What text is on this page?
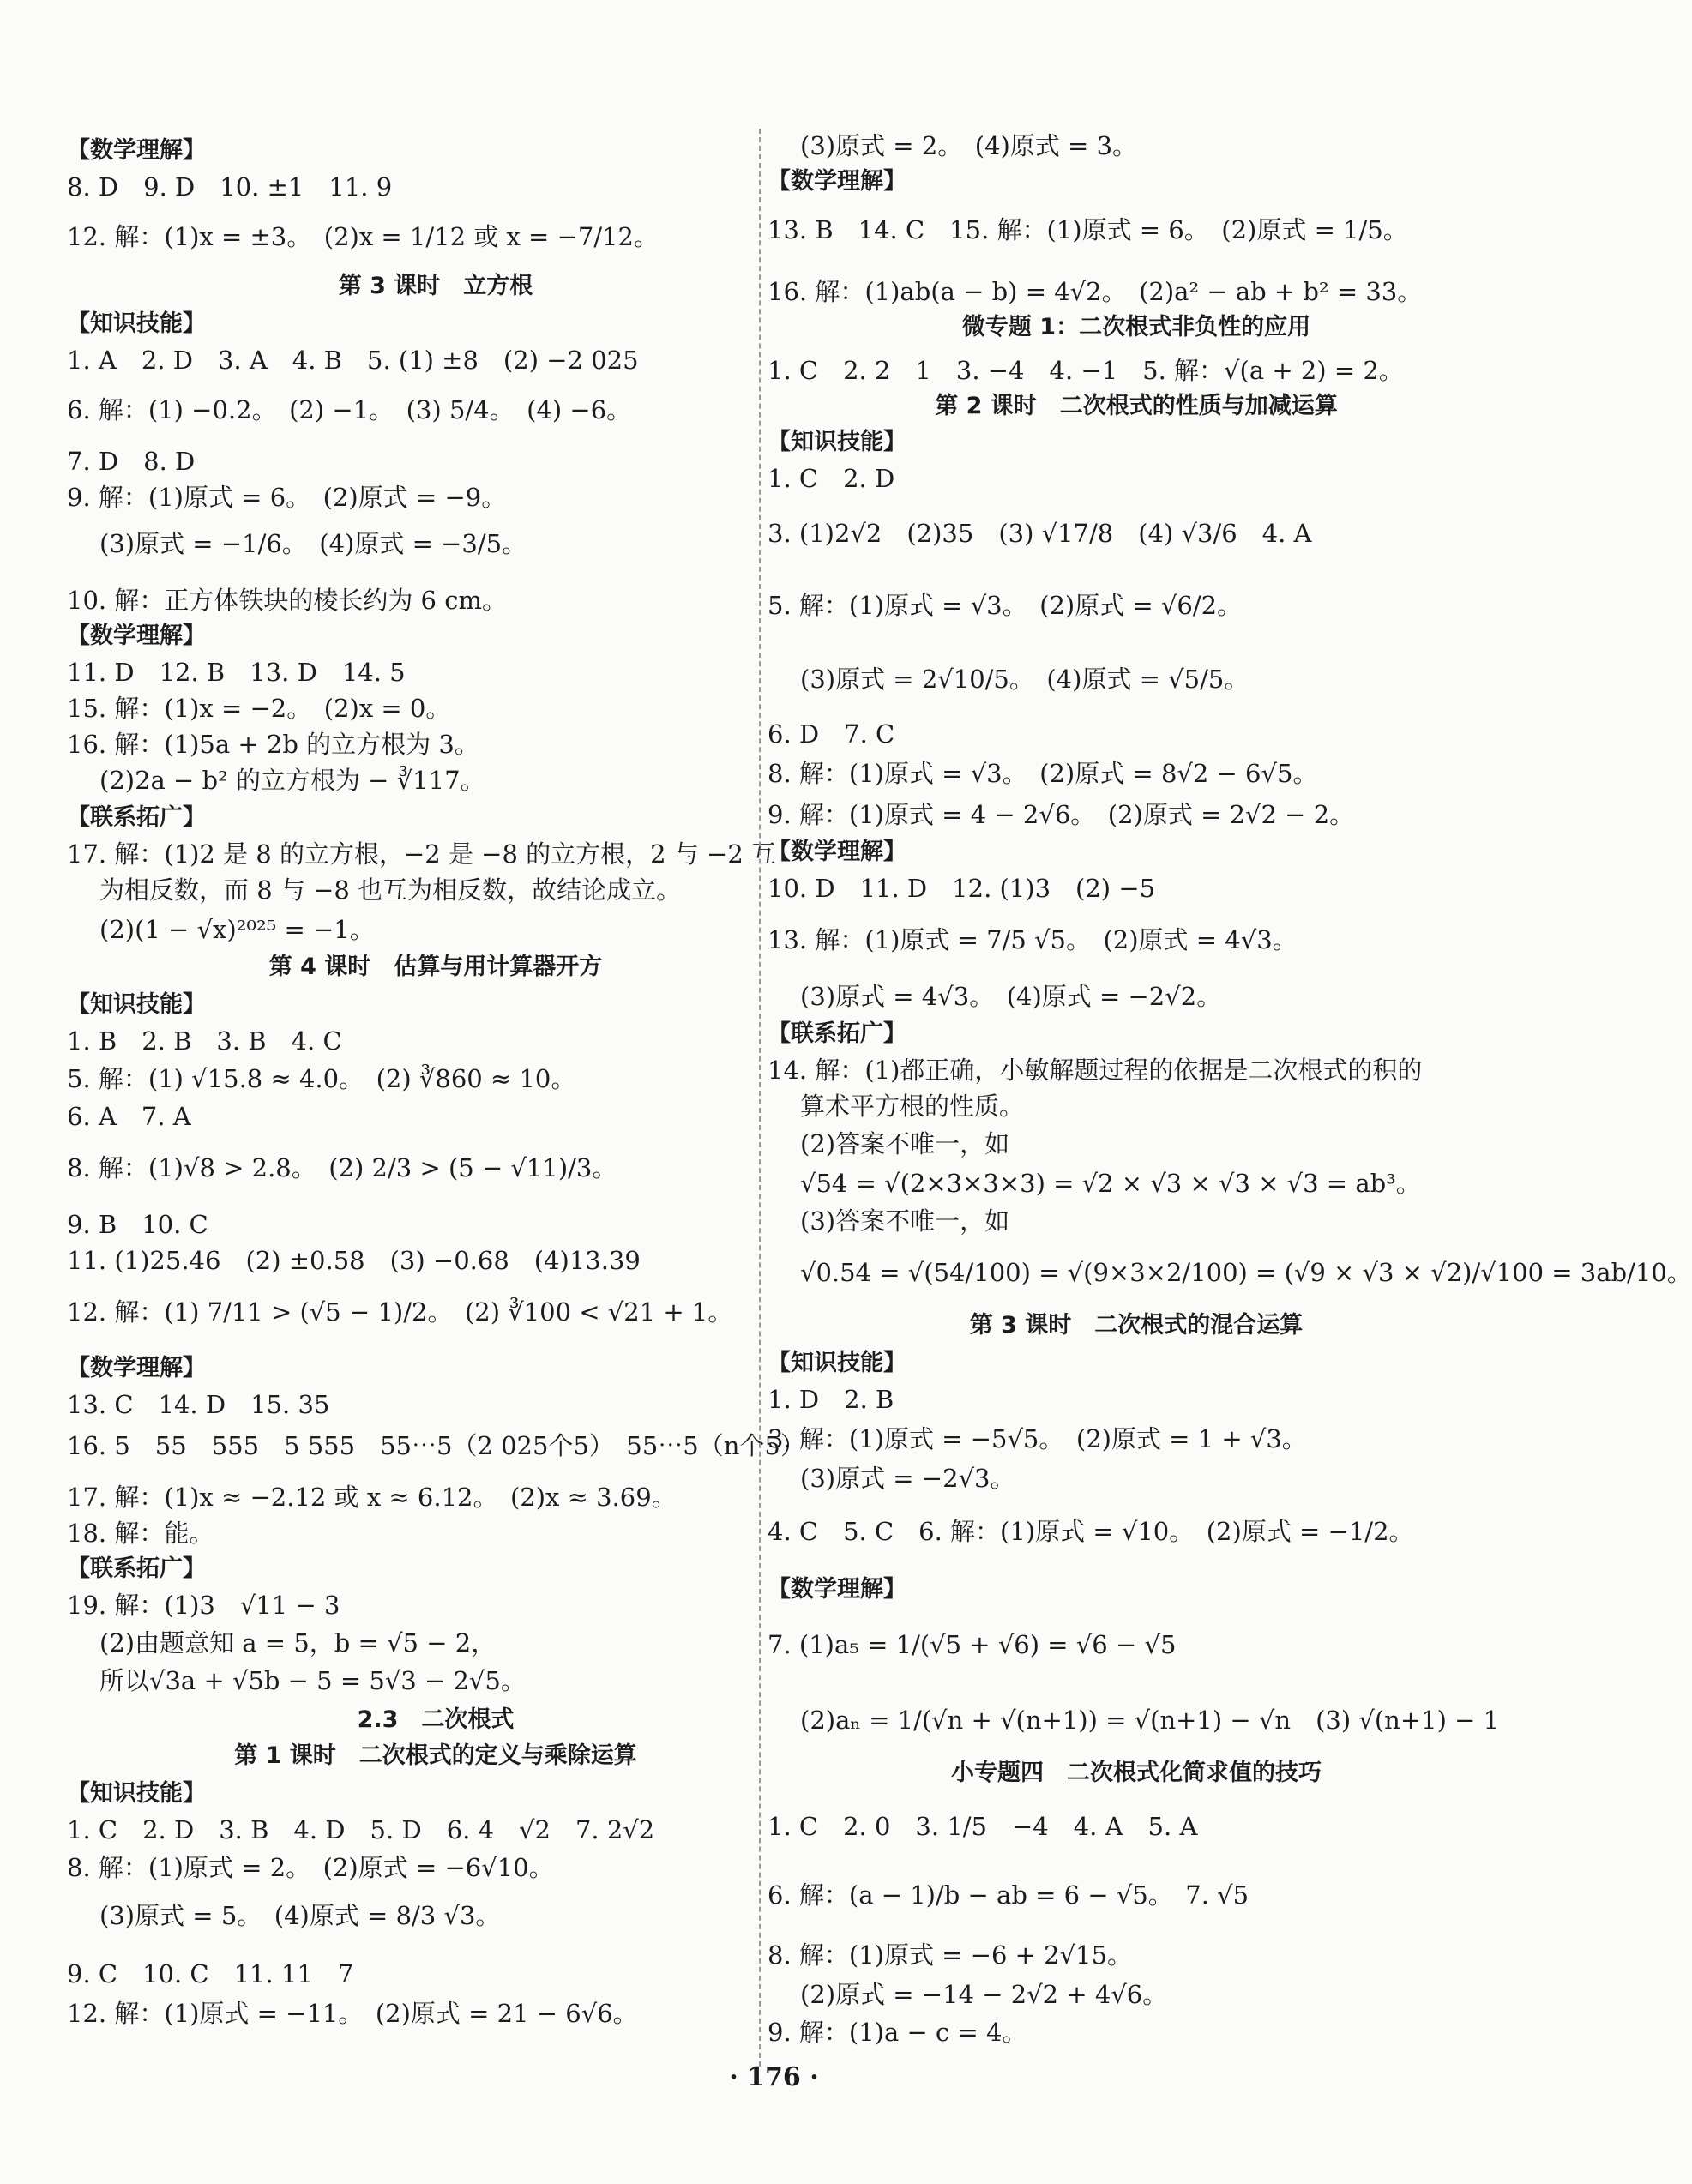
【数学理解】
8. D　9. D　10. ±1　11. 9
12. 解：(1)x = ±3。　(2)x = 1/12 或 x = −7/12。
第 3 课时　立方根
【知识技能】
1. A　2. D　3. A　4. B　5. (1) ±8　(2) −2 025
6. 解：(1) −0.2。　(2) −1。　(3) 5/4。　(4) −6。
7. D　8. D
9. 解：(1)原式 = 6。　(2)原式 = −9。
(3)原式 = −1/6。　(4)原式 = −3/5。
10. 解：正方体铁块的棱长约为 6 cm。
【数学理解】
11. D　12. B　13. D　14. 5
15. 解：(1)x = −2。　(2)x = 0。
16. 解：(1)5a + 2b 的立方根为 3。
(2)2a − b² 的立方根为 − ∛117。
【联系拓广】
17. 解：(1)2 是 8 的立方根，−2 是 −8 的立方根，2 与 −2 互
为相反数，而 8 与 −8 也互为相反数，故结论成立。
(2)(1 − √x)²⁰²⁵ = −1。
第 4 课时　估算与用计算器开方
【知识技能】
1. B　2. B　3. B　4. C
5. 解：(1) √15.8 ≈ 4.0。　(2) ∛860 ≈ 10。
6. A　7. A
8. 解：(1)√8 > 2.8。　(2) 2/3 > (5 − √11)/3。
9. B　10. C
11. (1)25.46　(2) ±0.58　(3) −0.68　(4)13.39
12. 解：(1) 7/11 > (√5 − 1)/2。　(2) ∛100 < √21 + 1。
【数学理解】
13. C　14. D　15. 35
16. 5　55　555　5 555　55⋯5（2 025个5）　55⋯5（n个5）
17. 解：(1)x ≈ −2.12 或 x ≈ 6.12。　(2)x ≈ 3.69。
18. 解：能。
【联系拓广】
19. 解：(1)3　√11 − 3
(2)由题意知 a = 5，b = √5 − 2，
所以√3a + √5b − 5 = 5√3 − 2√5。
2.3　二次根式
第 1 课时　二次根式的定义与乘除运算
【知识技能】
1. C　2. D　3. B　4. D　5. D　6. 4　√2　7. 2√2
8. 解：(1)原式 = 2。　(2)原式 = −6√10。
(3)原式 = 5。　(4)原式 = 8/3 √3。
9. C　10. C　11. 11　7
12. 解：(1)原式 = −11。　(2)原式 = 21 − 6√6。
(3)原式 = 2。　(4)原式 = 3。
【数学理解】
13. B　14. C　15. 解：(1)原式 = 6。　(2)原式 = 1/5。
16. 解：(1)ab(a − b) = 4√2。　(2)a² − ab + b² = 33。
微专题 1：二次根式非负性的应用
1. C　2. 2　1　3. −4　4. −1　5. 解：√(a + 2) = 2。
第 2 课时　二次根式的性质与加减运算
【知识技能】
1. C　2. D
3. (1)2√2　(2)35　(3) √17/8　(4) √3/6　4. A
5. 解：(1)原式 = √3。　(2)原式 = √6/2。
(3)原式 = 2√10/5。　(4)原式 = √5/5。
6. D　7. C
8. 解：(1)原式 = √3。　(2)原式 = 8√2 − 6√5。
9. 解：(1)原式 = 4 − 2√6。　(2)原式 = 2√2 − 2。
【数学理解】
10. D　11. D　12. (1)3　(2) −5
13. 解：(1)原式 = 7/5 √5。　(2)原式 = 4√3。
(3)原式 = 4√3。　(4)原式 = −2√2。
【联系拓广】
14. 解：(1)都正确，小敏解题过程的依据是二次根式的积的
算术平方根的性质。
(2)答案不唯一，如
√54 = √(2×3×3×3) = √2 × √3 × √3 × √3 = ab³。
(3)答案不唯一，如
√0.54 = √(54/100) = √(9×3×2/100) = (√9 × √3 × √2)/√100 = 3ab/10。
第 3 课时　二次根式的混合运算
【知识技能】
1. D　2. B
3. 解：(1)原式 = −5√5。　(2)原式 = 1 + √3。
(3)原式 = −2√3。
4. C　5. C　6. 解：(1)原式 = √10。　(2)原式 = −1/2。
【数学理解】
7. (1)a₅ = 1/(√5 + √6) = √6 − √5
(2)aₙ = 1/(√n + √(n+1)) = √(n+1) − √n　(3) √(n+1) − 1
小专题四　二次根式化简求值的技巧
1. C　2. 0　3. 1/5　−4　4. A　5. A
6. 解：(a − 1)/b − ab = 6 − √5。　7. √5
8. 解：(1)原式 = −6 + 2√15。
(2)原式 = −14 − 2√2 + 4√6。
9. 解：(1)a − c = 4。
· 176 ·
